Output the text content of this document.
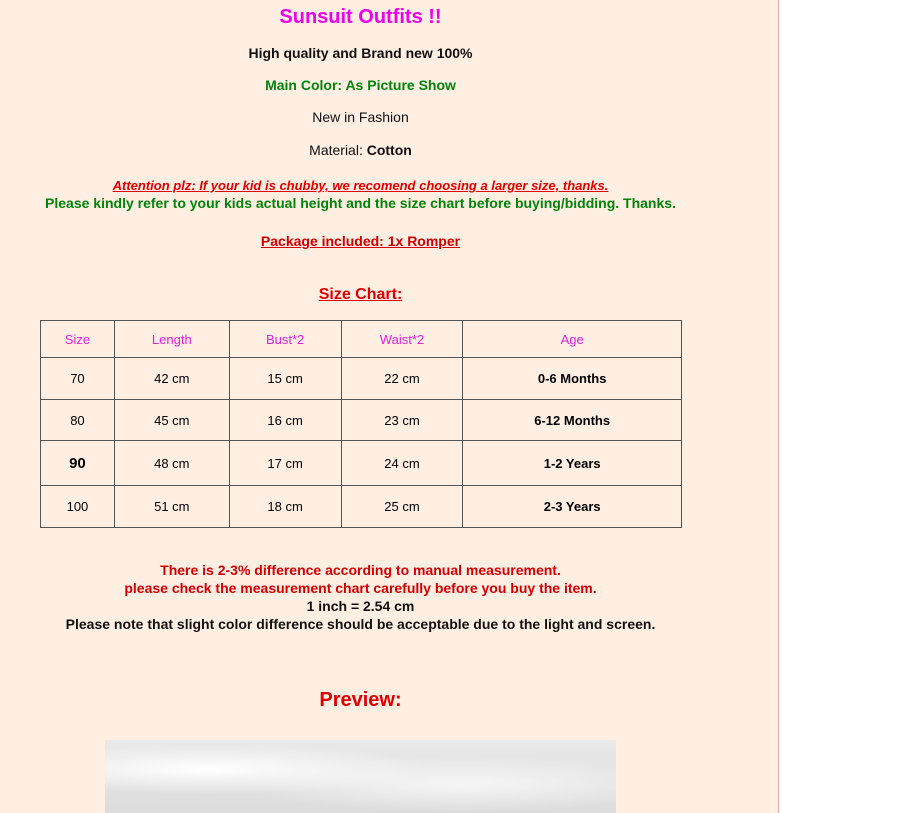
Sunsuit Outfits !!
High quality and Brand new 100%
Main Color: As Picture Show
New in Fashion
Material: Cotton
Attention plz: If your kid is chubby, we recomend choosing a larger size, thanks.
Please kindly refer to your kids actual height and the size chart before buying/bidding. Thanks.
Package included: 1x Romper
Size Chart:
Size	Length	Bust*2	Waist*2	Age
70	42 cm	15 cm	22 cm	0-6 Months
80	45 cm	16 cm	23 cm	6-12 Months
90	48 cm	17 cm	24 cm	1-2 Years
100	51 cm	18 cm	25 cm	2-3 Years
There is 2-3% difference according to manual measurement.
please check the measurement chart carefully before you buy the item.
1 inch = 2.54 cm
Please note that slight color difference should be acceptable due to the light and screen.
Preview:
